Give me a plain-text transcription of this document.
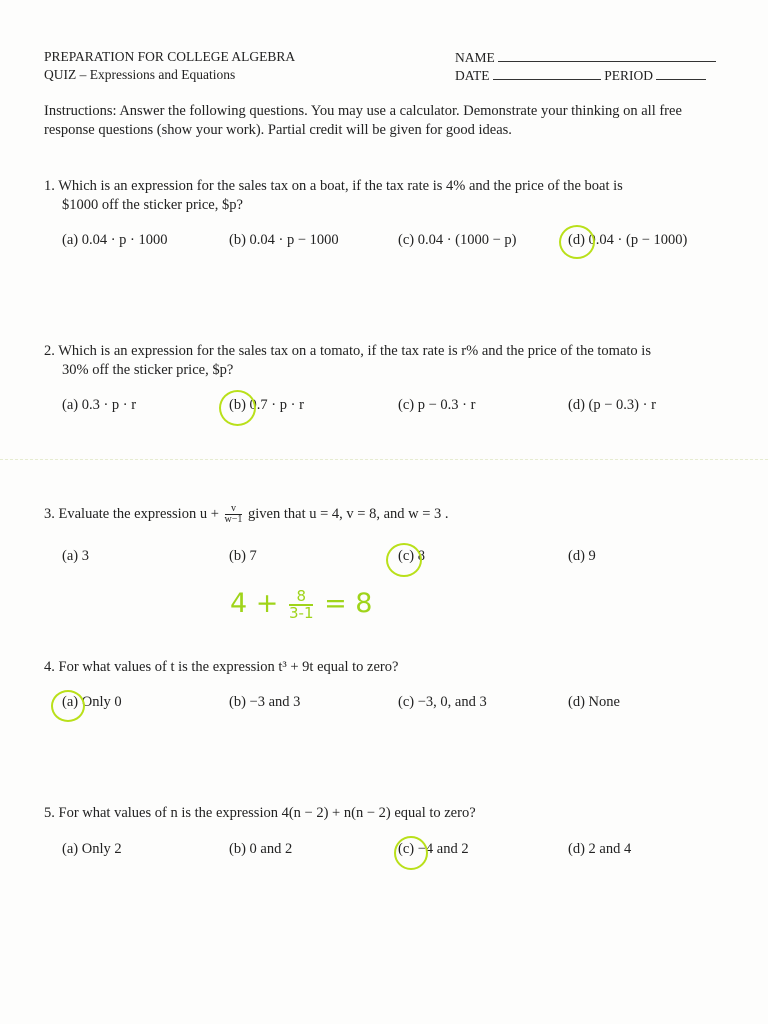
PREPARATION FOR COLLEGE ALGEBRA
QUIZ – Expressions and Equations
NAME
DATE	PERIOD
Instructions: Answer the following questions. You may use a calculator. Demonstrate your thinking on all free response questions (show your work). Partial credit will be given for good ideas.
1. Which is an expression for the sales tax on a boat, if the tax rate is 4% and the price of the boat is
$1000 off the sticker price, $p?
(a) 0.04 · p · 1000	(b) 0.04 · p − 1000	(c) 0.04 · (1000 − p)	(d) 0.04 · (p − 1000)
2. Which is an expression for the sales tax on a tomato, if the tax rate is r% and the price of the tomato is
30% off the sticker price, $p?
(a) 0.3 · p · r	(b) 0.7 · p · r	(c) p − 0.3 · r	(d) (p − 0.3) · r
3. Evaluate the expression $u + \frac{v}{w-1}$ given that u = 4, v = 8, and w = 3 .
(a) 3	(b) 7	(c) 8	(d) 9
$4 + \frac{8}{3-1} = 8$
4. For what values of t is the expression t³ + 9t equal to zero?
(a) Only 0	(b) −3 and 3	(c) −3, 0, and 3	(d) None
5. For what values of n is the expression 4(n − 2) + n(n − 2) equal to zero?
(a) Only 2	(b) 0 and 2	(c) −4 and 2	(d) 2 and 4
